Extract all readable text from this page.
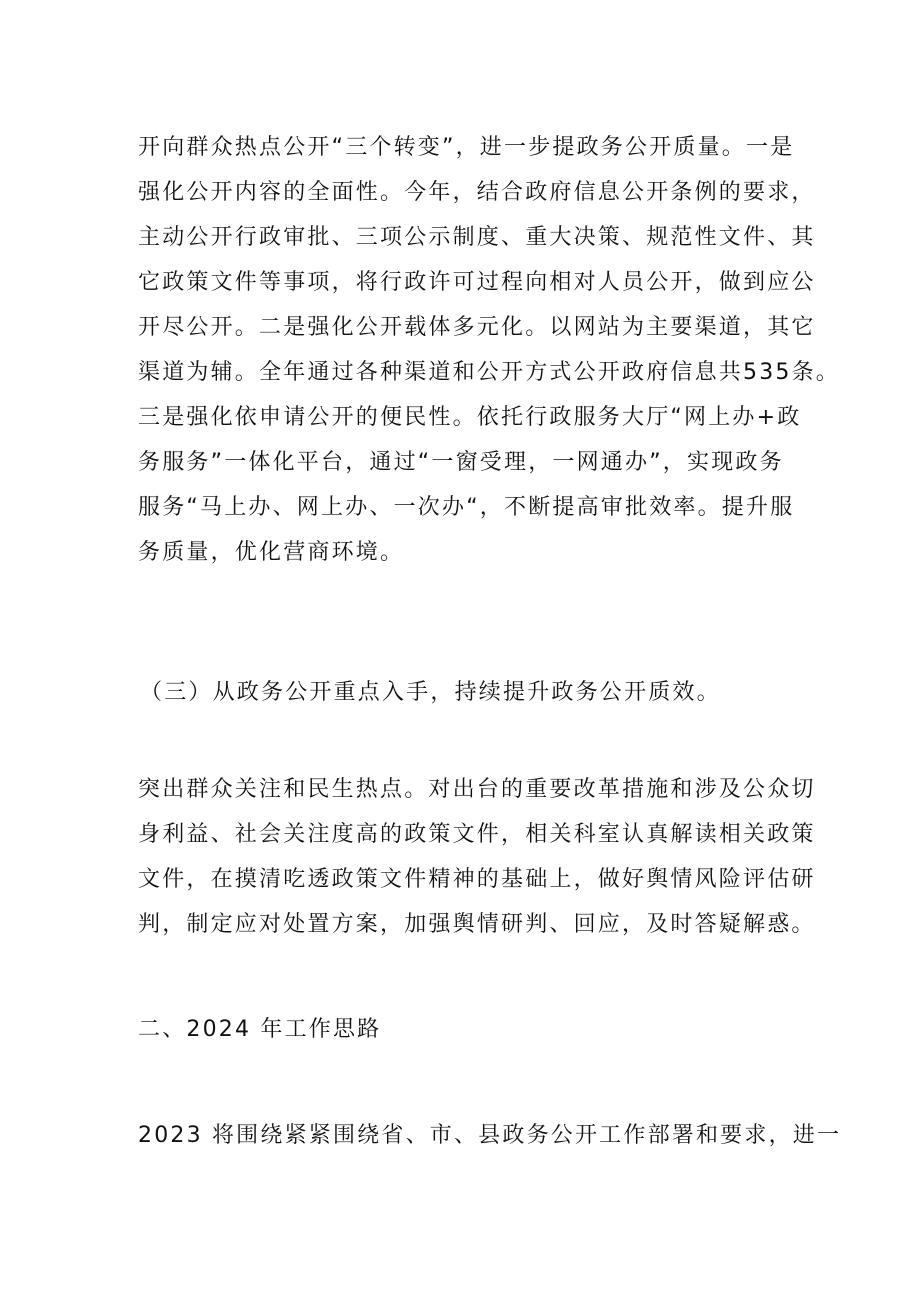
开向群众热点公开“三个转变”，进一步提政务公开质量。一是
强化公开内容的全面性。今年，结合政府信息公开条例的要求，
主动公开行政审批、三项公示制度、重大决策、规范性文件、其
它政策文件等事项，将行政许可过程向相对人员公开，做到应公
开尽公开。二是强化公开载体多元化。以网站为主要渠道，其它
渠道为辅。全年通过各种渠道和公开方式公开政府信息共535条。
三是强化依申请公开的便民性。依托行政服务大厅“网上办+政
务服务”一体化平台，通过“一窗受理，一网通办”，实现政务
服务“马上办、网上办、一次办“，不断提高审批效率。提升服
务质量，优化营商环境。
（三）从政务公开重点入手，持续提升政务公开质效。
突出群众关注和民生热点。对出台的重要改革措施和涉及公众切
身利益、社会关注度高的政策文件，相关科室认真解读相关政策
文件，在摸清吃透政策文件精神的基础上，做好舆情风险评估研
判，制定应对处置方案，加强舆情研判、回应，及时答疑解惑。
二、2024 年工作思路
2023 将围绕紧紧围绕省、市、县政务公开工作部署和要求，进一
